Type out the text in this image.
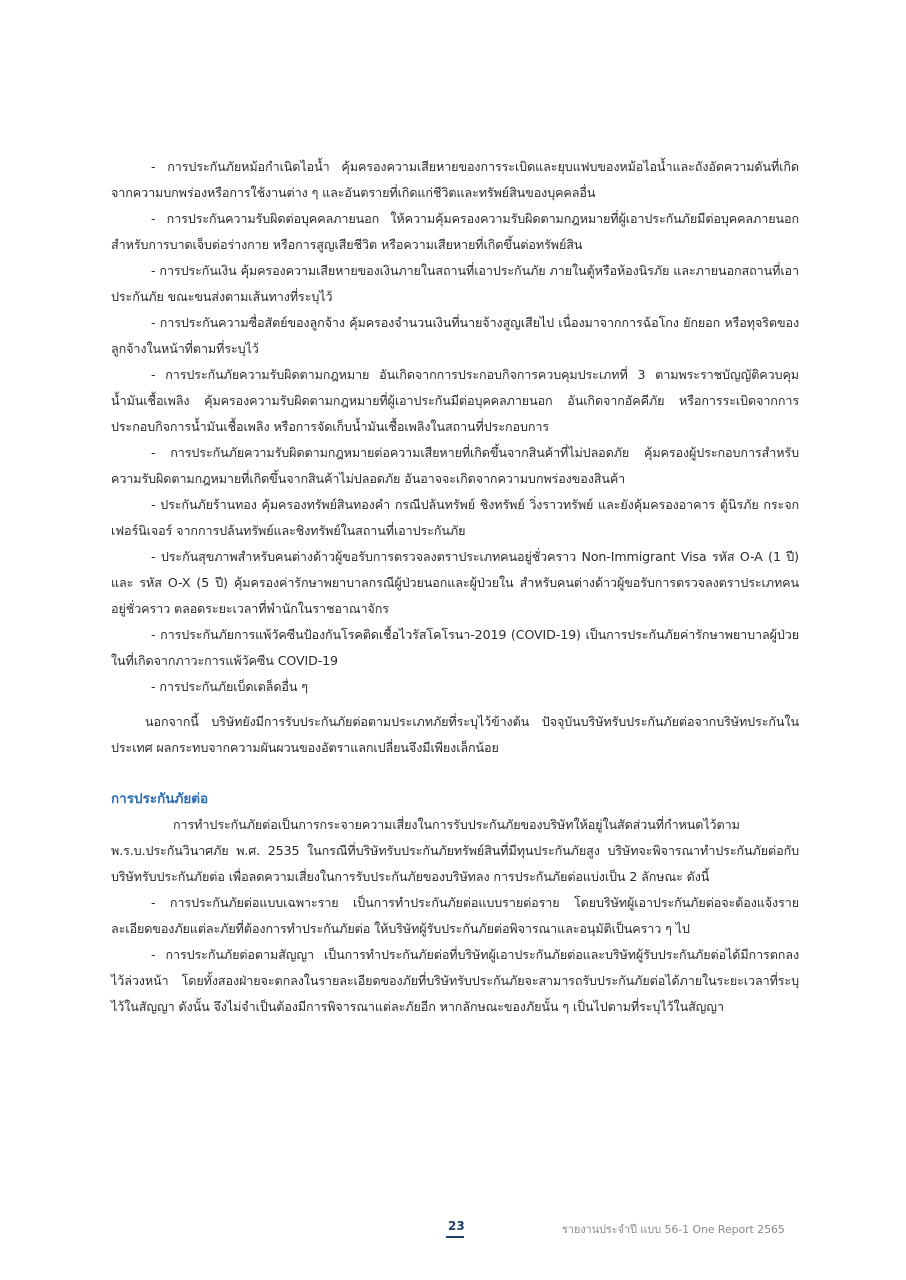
- การประกันภัยหม้อกำเนิดไอน้ำ คุ้มครองความเสียหายของการระเบิดและยุบแฟบของหม้อไอน้ำและถังอัดความดันที่เกิดจากความบกพร่องหรือการใช้งานต่าง ๆ และอันตรายที่เกิดแก่ชีวิตและทรัพย์สินของบุคคลอื่น

- การประกันความรับผิดต่อบุคคลภายนอก ให้ความคุ้มครองความรับผิดตามกฎหมายที่ผู้เอาประกันภัยมีต่อบุคคลภายนอก สำหรับการบาดเจ็บต่อร่างกาย หรือการสูญเสียชีวิต หรือความเสียหายที่เกิดขึ้นต่อทรัพย์สิน

- การประกันเงิน คุ้มครองความเสียหายของเงินภายในสถานที่เอาประกันภัย ภายในตู้หรือห้องนิรภัย และภายนอกสถานที่เอาประกันภัย ขณะขนส่งตามเส้นทางที่ระบุไว้

- การประกันความซื่อสัตย์ของลูกจ้าง คุ้มครองจำนวนเงินที่นายจ้างสูญเสียไป เนื่องมาจากการฉ้อโกง ยักยอก หรือทุจริตของลูกจ้างในหน้าที่ตามที่ระบุไว้

- การประกันภัยความรับผิดตามกฎหมาย อันเกิดจากการประกอบกิจการควบคุมประเภทที่ 3 ตามพระราชบัญญัติควบคุมน้ำมันเชื้อเพลิง คุ้มครองความรับผิดตามกฎหมายที่ผู้เอาประกันมีต่อบุคคลภายนอก อันเกิดจากอัคคีภัย หรือการระเบิดจากการประกอบกิจการน้ำมันเชื้อเพลิง หรือการจัดเก็บน้ำมันเชื้อเพลิงในสถานที่ประกอบการ

- การประกันภัยความรับผิดตามกฎหมายต่อความเสียหายที่เกิดขึ้นจากสินค้าที่ไม่ปลอดภัย คุ้มครองผู้ประกอบการสำหรับความรับผิดตามกฎหมายที่เกิดขึ้นจากสินค้าไม่ปลอดภัย อันอาจจะเกิดจากความบกพร่องของสินค้า

- ประกันภัยร้านทอง คุ้มครองทรัพย์สินทองคำ กรณีปล้นทรัพย์ ชิงทรัพย์ วิ่งราวทรัพย์ และยังคุ้มครองอาคาร ตู้นิรภัย กระจก เฟอร์นิเจอร์ จากการปล้นทรัพย์และชิงทรัพย์ในสถานที่เอาประกันภัย

- ประกันสุขภาพสำหรับคนต่างด้าวผู้ขอรับการตรวจลงตราประเภทคนอยู่ชั่วคราว Non-Immigrant Visa รหัส O-A (1 ปี) และ รหัส O-X (5 ปี) คุ้มครองค่ารักษาพยาบาลกรณีผู้ป่วยนอกและผู้ป่วยใน สำหรับคนต่างด้าวผู้ขอรับการตรวจลงตราประเภทคนอยู่ชั่วคราว ตลอดระยะเวลาที่พำนักในราชอาณาจักร

- การประกันภัยการแพ้วัคซีนป้องกันโรคติดเชื้อไวรัสโคโรนา-2019 (COVID-19) เป็นการประกันภัยค่ารักษาพยาบาลผู้ป่วยในที่เกิดจากภาวะการแพ้วัคซีน COVID-19

- การประกันภัยเบ็ดเตล็ดอื่น ๆ

นอกจากนี้ บริษัทยังมีการรับประกันภัยต่อตามประเภทภัยที่ระบุไว้ข้างต้น ปัจจุบันบริษัทรับประกันภัยต่อจากบริษัทประกันในประเทศ ผลกระทบจากความผันผวนของอัตราแลกเปลี่ยนจึงมีเพียงเล็กน้อย

การประกันภัยต่อ

การทำประกันภัยต่อเป็นการกระจายความเสี่ยงในการรับประกันภัยของบริษัทให้อยู่ในสัดส่วนที่กำหนดไว้ตาม พ.ร.บ.ประกันวินาศภัย พ.ศ. 2535 ในกรณีที่บริษัทรับประกันภัยทรัพย์สินที่มีทุนประกันภัยสูง บริษัทจะพิจารณาทำประกันภัยต่อกับบริษัทรับประกันภัยต่อ เพื่อลดความเสี่ยงในการรับประกันภัยของบริษัทลง การประกันภัยต่อแบ่งเป็น 2 ลักษณะ ดังนี้

- การประกันภัยต่อแบบเฉพาะราย เป็นการทำประกันภัยต่อแบบรายต่อราย โดยบริษัทผู้เอาประกันภัยต่อจะต้องแจ้งรายละเอียดของภัยแต่ละภัยที่ต้องการทำประกันภัยต่อ ให้บริษัทผู้รับประกันภัยต่อพิจารณาและอนุมัติเป็นคราว ๆ ไป

- การประกันภัยต่อตามสัญญา เป็นการทำประกันภัยต่อที่บริษัทผู้เอาประกันภัยต่อและบริษัทผู้รับประกันภัยต่อได้มีการตกลงไว้ล่วงหน้า โดยทั้งสองฝ่ายจะตกลงในรายละเอียดของภัยที่บริษัทรับประกันภัยจะสามารถรับประกันภัยต่อได้ภายในระยะเวลาที่ระบุไว้ในสัญญา ดังนั้น จึงไม่จำเป็นต้องมีการพิจารณาแต่ละภัยอีก หากลักษณะของภัยนั้น ๆ เป็นไปตามที่ระบุไว้ในสัญญา

23	รายงานประจำปี แบบ 56-1 One Report 2565
